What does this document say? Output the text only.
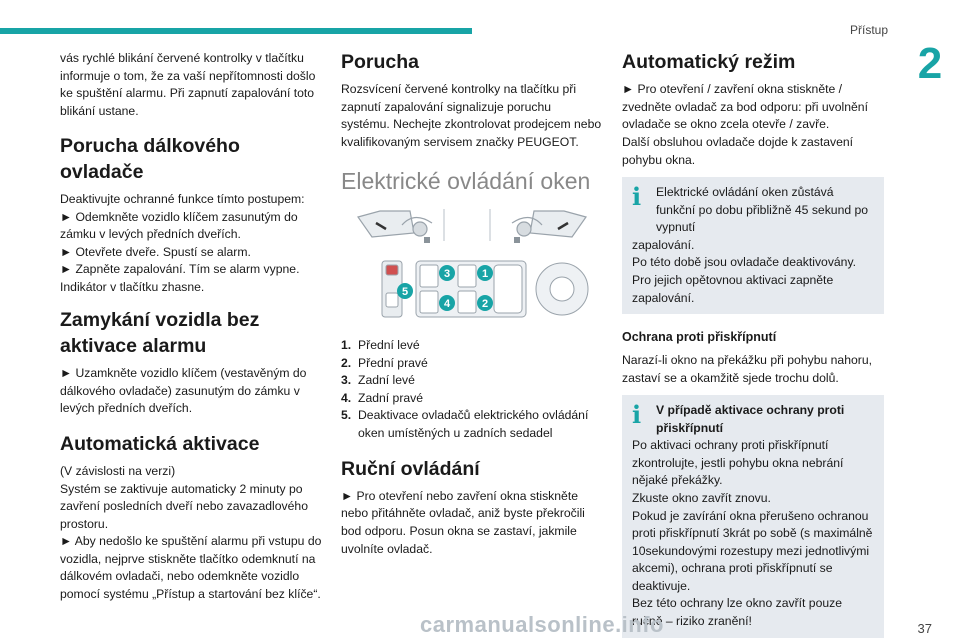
Přístup
2

vás rychlé blikání červené kontrolky v tlačítku informuje o tom, že za vaší nepřítomnosti došlo ke spuštění alarmu. Při zapnutí zapalování toto blikání ustane.

Porucha dálkového ovladače

Deaktivujte ochranné funkce tímto postupem:

► Odemkněte vozidlo klíčem zasunutým do zámku v levých předních dveřích.

► Otevřete dveře. Spustí se alarm.

► Zapněte zapalování. Tím se alarm vypne. Indikátor v tlačítku zhasne.

Zamykání vozidla bez aktivace alarmu

► Uzamkněte vozidlo klíčem (vestavěným do dálkového ovladače) zasunutým do zámku v levých předních dveřích.

Automatická aktivace

(V závislosti na verzi)

Systém se zaktivuje automaticky 2 minuty po zavření posledních dveří nebo zavazadlového prostoru.

► Aby nedošlo ke spuštění alarmu při vstupu do vozidla, nejprve stiskněte tlačítko odemknutí na dálkovém ovladači, nebo odemkněte vozidlo pomocí systému „Přístup a startování bez klíče“.

Porucha

Rozsvícení červené kontrolky na tlačítku při zapnutí zapalování signalizuje poruchu systému. Nechejte zkontrolovat prodejcem nebo kvalifikovaným servisem značky PEUGEOT.

Elektrické ovládání oken
5
3
4
1
2
1. Přední levé
2. Přední pravé
3. Zadní levé
4. Zadní pravé
5. Deaktivace ovladačů elektrického ovládání oken umístěných u zadních sedadel
Ruční ovládání

► Pro otevření nebo zavření okna stiskněte nebo přitáhněte ovladač, aniž byste překročili bod odporu. Posun okna se zastaví, jakmile uvolníte ovladač.

Automatický režim

► Pro otevření / zavření okna stiskněte / zvedněte ovladač za bod odporu: při uvolnění ovladače se okno zcela otevře / zavře.

Další obsluhou ovladače dojde k zastavení pohybu okna.

i	Elektrické ovládání oken zůstává funkční po dobu přibližně 45 sekund po vypnutí

zapalování.

Po této době jsou ovladače deaktivovány. Pro jejich opětovnou aktivaci zapněte zapalování.

Ochrana proti přiskřípnutí

Narazí-li okno na překážku při pohybu nahoru, zastaví se a okamžitě sjede trochu dolů.

i	V případě aktivace ochrany proti přiskřípnutí

Po aktivaci ochrany proti přiskřípnutí zkontrolujte, jestli pohybu okna nebrání nějaké překážky.

Zkuste okno zavřít znovu.

Pokud je zavírání okna přerušeno ochranou proti přiskřípnutí 3krát po sobě (s maximálně 10sekundovými rozestupy mezi jednotlivými akcemi), ochrana proti přiskřípnutí se deaktivuje.

Bez této ochrany lze okno zavřít pouze ručně – riziko zranění!

carmanualsonline.info	37
